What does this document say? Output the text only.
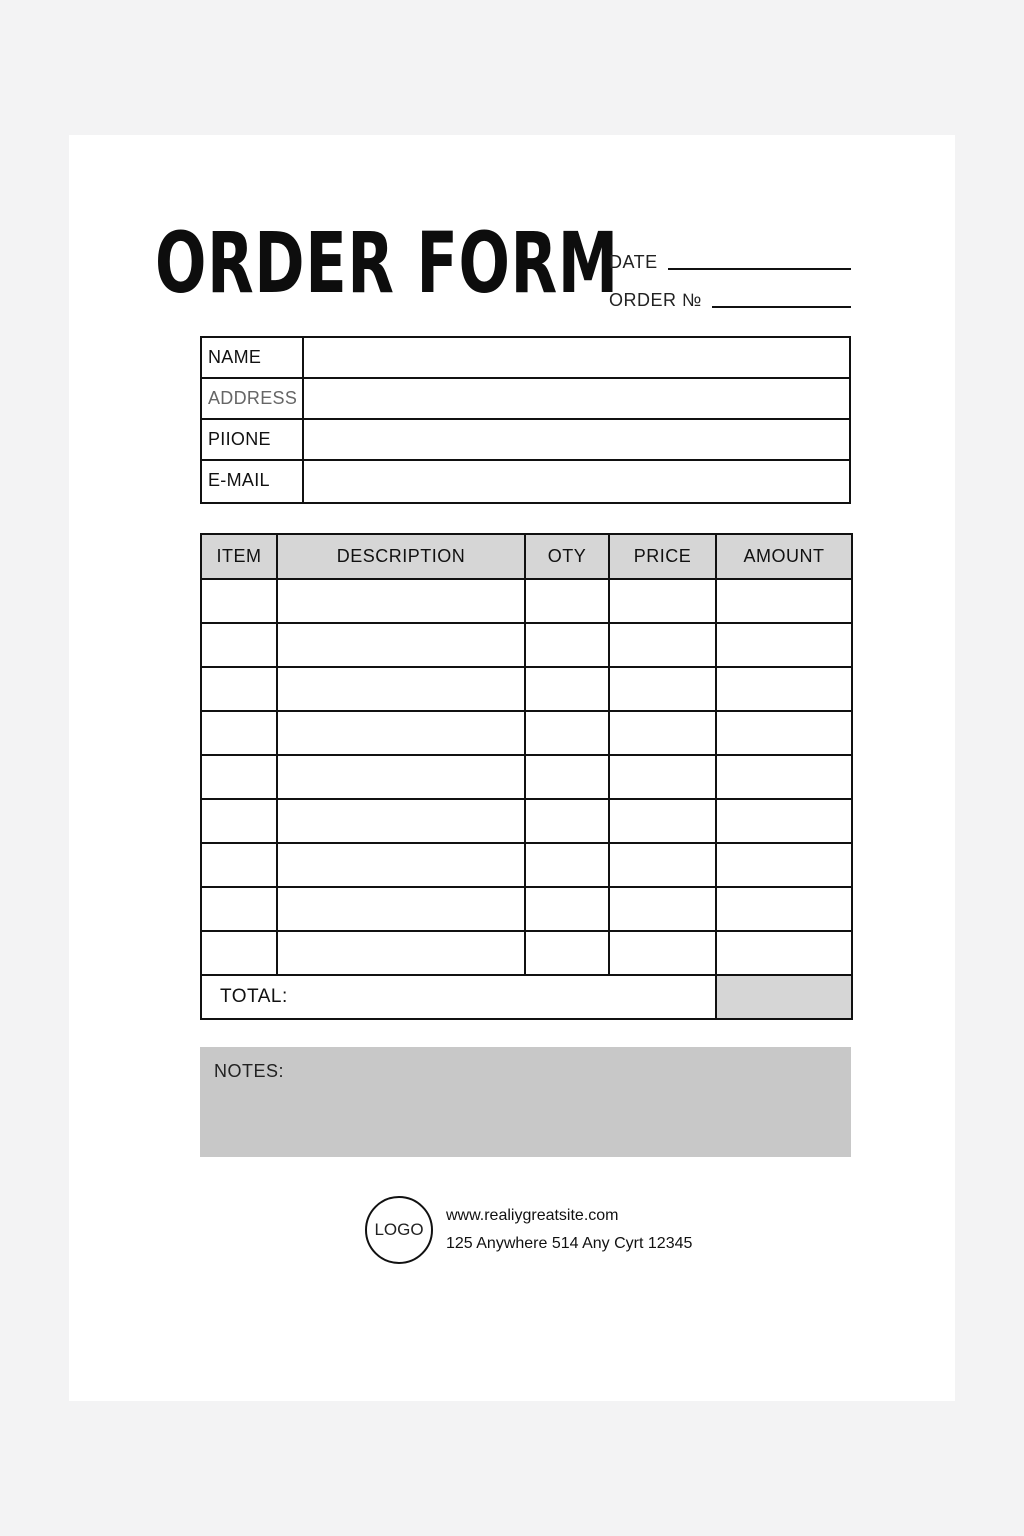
ORDER FORM
DATE
ORDER №
NAME
ADDRESS
PIIONE
E-MAIL
ITEM	DESCRIPTION	OTY	PRICE	AMOUNT

TOTAL:				
NOTES:
LOGO
www.realiygreatsite.com
125 Anywhere 514 Any Cyrt 12345
